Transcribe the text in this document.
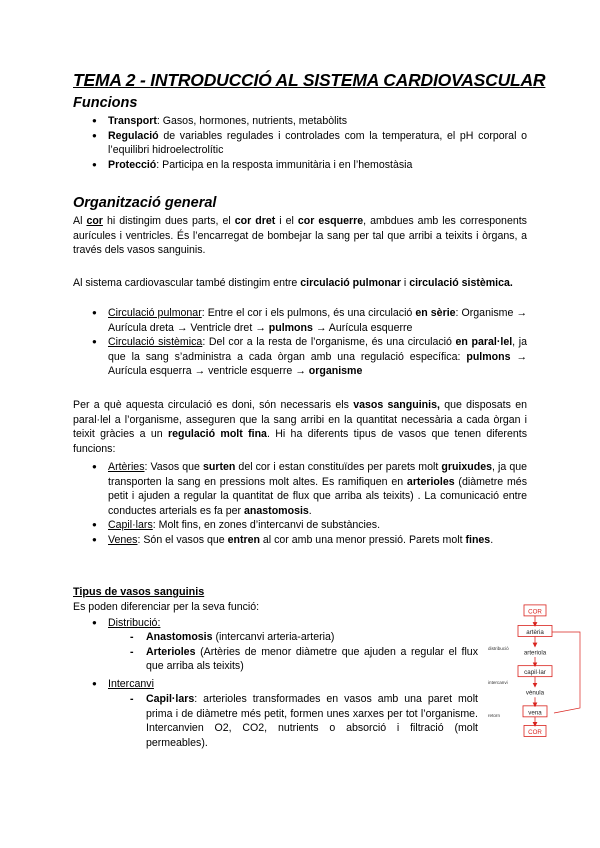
TEMA 2 - INTRODUCCIÓ AL SISTEMA CARDIOVASCULAR
Funcions
● Transport: Gasos, hormones, nutrients, metabòlits
● Regulació de variables regulades i controlades com la temperatura, el pH corporal o l’equilibri hidroelectrolític
● Protecció: Participa en la resposta immunitària i en l’hemostàsia
Organització general

Al cor hi distingim dues parts, el cor dret i el cor esquerre, ambdues amb les corresponents aurícules i ventricles. És l’encarregat de bombejar la sang per tal que arribi a teixits i òrgans, a través dels vasos sanguinis.

Al sistema cardiovascular també distingim entre circulació pulmonar i circulació sistèmica.

● Circulació pulmonar: Entre el cor i els pulmons, és una circulació en sèrie: Organisme → Aurícula dreta → Ventricle dret → pulmons → Aurícula esquerre
● Circulació sistèmica: Del cor a la resta de l’organisme, és una circulació en paral·lel, ja que la sang s’administra a cada òrgan amb una regulació específica: pulmons → Aurícula esquerra → ventricle esquerre → organisme

Per a què aquesta circulació es doni, són necessaris els vasos sanguinis, que disposats en paral·lel a l’organisme, asseguren que la sang arribi en la quantitat necessària a cada òrgan i teixit gràcies a un regulació molt fina. Hi ha diferents tipus de vasos que tenen diferents funcions:

● Artèries: Vasos que surten del cor i estan constituïdes per parets molt gruixudes, ja que transporten la sang en pressions molt altes. Es ramifiquen en arterioles (diàmetre més petit i ajuden a regular la quantitat de flux que arriba als teixits) . La comunicació entre conductes arterials es fa per anastomosis.
● Capil·lars: Molt fins, en zones d’intercanvi de substàncies.
● Venes: Són el vasos que entren al cor amb una menor pressió. Parets molt fines.

Tipus de vasos sanguinis

Es poden diferenciar per la seva funció:

● Distribució:
- Anastomosis (intercanvi arteria-arteria)
- Arterioles (Artèries de menor diàmetre que ajuden a regular el flux que arriba als teixits)
● Intercanvi
- Capil·lars: arterioles transformades en vasos amb una paret molt prima i de diàmetre més petit, formen unes xarxes per tot l’organisme. Intercanvien O2, CO2, nutrients o absorció i filtració (molt permeables).
COR
artèria
arteriola
capil·lar
vènula
vena
COR
distribució
intercanvi
retorn
